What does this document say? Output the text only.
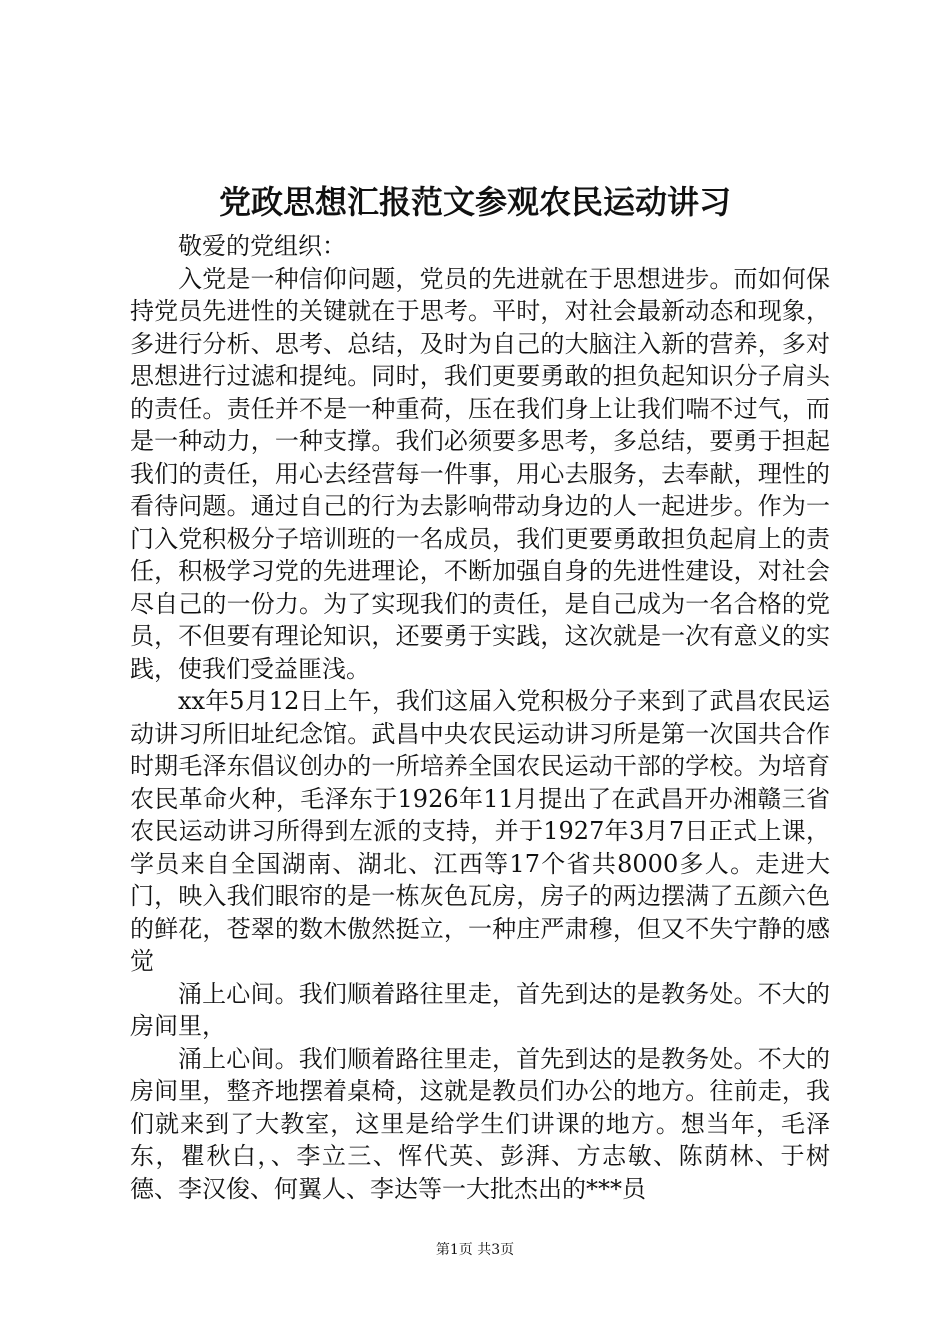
党政思想汇报范文参观农民运动讲习

敬爱的党组织：

入党是一种信仰问题，党员的先进就在于思想进步。而如何保持党员先进性的关键就在于思考。平时，对社会最新动态和现象，多进行分析、思考、总结，及时为自己的大脑注入新的营养，多对思想进行过滤和提纯。同时，我们更要勇敢的担负起知识分子肩头的责任。责任并不是一种重荷，压在我们身上让我们喘不过气，而是一种动力，一种支撑。我们必须要多思考，多总结，要勇于担起我们的责任，用心去经营每一件事，用心去服务，去奉献，理性的看待问题。通过自己的行为去影响带动身边的人一起进步。作为一门入党积极分子培训班的一名成员，我们更要勇敢担负起肩上的责任，积极学习党的先进理论，不断加强自身的先进性建设，对社会尽自己的一份力。为了实现我们的责任，是自己成为一名合格的党员，不但要有理论知识，还要勇于实践，这次就是一次有意义的实践，使我们受益匪浅。

xx年5月12日上午，我们这届入党积极分子来到了武昌农民运动讲习所旧址纪念馆。武昌中央农民运动讲习所是第一次国共合作时期毛泽东倡议创办的一所培养全国农民运动干部的学校。为培育农民革命火种，毛泽东于1926年11月提出了在武昌开办湘赣三省农民运动讲习所得到左派的支持，并于1927年3月7日正式上课，学员来自全国湖南、湖北、江西等17个省共8000多人。走进大门，映入我们眼帘的是一栋灰色瓦房，房子的两边摆满了五颜六色的鲜花，苍翠的数木傲然挺立，一种庄严肃穆，但又不失宁静的感觉

涌上心间。我们顺着路往里走，首先到达的是教务处。不大的房间里，

涌上心间。我们顺着路往里走，首先到达的是教务处。不大的房间里，整齐地摆着桌椅，这就是教员们办公的地方。往前走，我们就来到了大教室，这里是给学生们讲课的地方。想当年，毛泽东，瞿秋白，、李立三、恽代英、彭湃、方志敏、陈荫林、于树德、李汉俊、何翼人、李达等一大批杰出的***员

第1页 共3页
